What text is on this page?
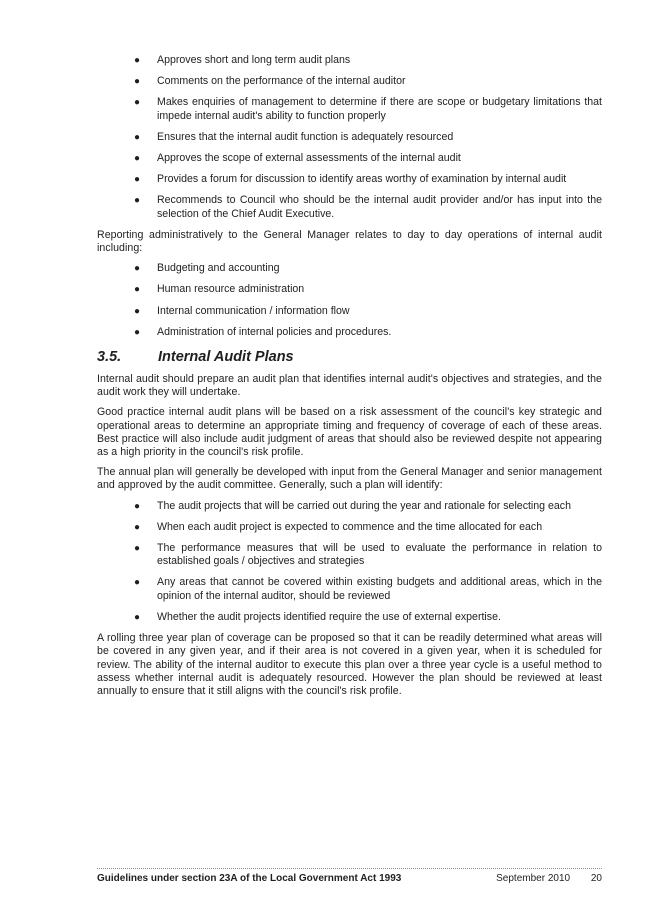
● Approves short and long term audit plans
● Comments on the performance of the internal auditor
● Makes enquiries of management to determine if there are scope or budgetary limitations that impede internal audit's ability to function properly
● Ensures that the internal audit function is adequately resourced
● Approves the scope of external assessments of the internal audit
● Provides a forum for discussion to identify areas worthy of examination by internal audit
● Recommends to Council who should be the internal audit provider and/or has input into the selection of the Chief Audit Executive.

Reporting administratively to the General Manager relates to day to day operations of internal audit including:

● Budgeting and accounting
● Human resource administration
● Internal communication / information flow
● Administration of internal policies and procedures.
3.5.	Internal Audit Plans

Internal audit should prepare an audit plan that identifies internal audit's objectives and strategies, and the audit work they will undertake.

Good practice internal audit plans will be based on a risk assessment of the council's key strategic and operational areas to determine an appropriate timing and frequency of coverage of each of these areas. Best practice will also include audit judgment of areas that should also be reviewed despite not appearing as a high priority in the council's risk profile.

The annual plan will generally be developed with input from the General Manager and senior management and approved by the audit committee. Generally, such a plan will identify:

● The audit projects that will be carried out during the year and rationale for selecting each
● When each audit project is expected to commence and the time allocated for each
● The performance measures that will be used to evaluate the performance in relation to established goals / objectives and strategies
● Any areas that cannot be covered within existing budgets and additional areas, which in the opinion of the internal auditor, should be reviewed
● Whether the audit projects identified require the use of external expertise.

A rolling three year plan of coverage can be proposed so that it can be readily determined what areas will be covered in any given year, and if their area is not covered in a given year, when it is scheduled for review. The ability of the internal auditor to execute this plan over a three year cycle is a useful method to assess whether internal audit is adequately resourced. However the plan should be reviewed at least annually to ensure that it still aligns with the council's risk profile.

Guidelines under section 23A of the Local Government Act 1993	September 2010 20
